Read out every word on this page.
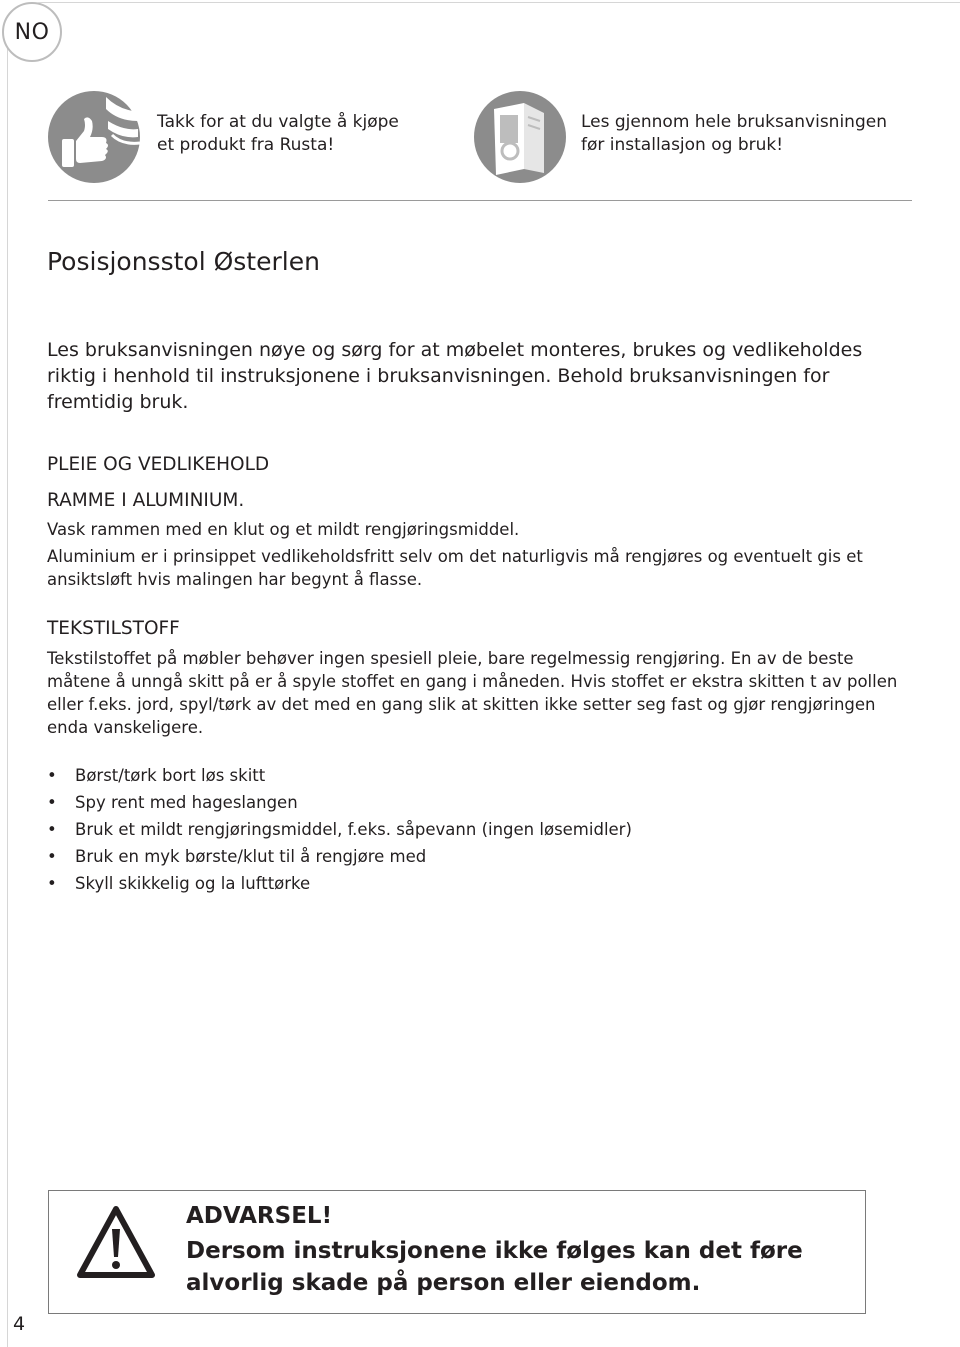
NO
Takk for at du valgte å kjøpe et produkt fra Rusta!
Les gjennom hele bruksanvisningen før installasjon og bruk!
Posisjonsstol Østerlen
Les bruksanvisningen nøye og sørg for at møbelet monteres, brukes og vedlikeholdes riktig i henhold til instruksjonene i bruksanvisningen. Behold bruksanvisningen for fremtidig bruk.
PLEIE OG VEDLIKEHOLD
RAMME I ALUMINIUM.
Vask rammen med en klut og et mildt rengjøringsmiddel.
Aluminium er i prinsippet vedlikeholdsfritt selv om det naturligvis må rengjøres og eventuelt gis et ansiktsløft hvis malingen har begynt å flasse.
TEKSTILSTOFF
Tekstilstoffet på møbler behøver ingen spesiell pleie, bare regelmessig rengjøring. En av de beste måtene å unngå skitt på er å spyle stoffet en gang i måneden. Hvis stoffet er ekstra skitten t av pollen eller f.eks. jord, spyl/tørk av det med en gang slik at skitten ikke setter seg fast og gjør rengjøringen enda vanskeligere.
• Børst/tørk bort løs skitt
• Spy rent med hageslangen
• Bruk et mildt rengjøringsmiddel, f.eks. såpevann (ingen løsemidler)
• Bruk en myk børste/klut til å rengjøre med
• Skyll skikkelig og la lufttørke
ADVARSEL!
Dersom instruksjonene ikke følges kan det føre alvorlig skade på person eller eiendom.
4
